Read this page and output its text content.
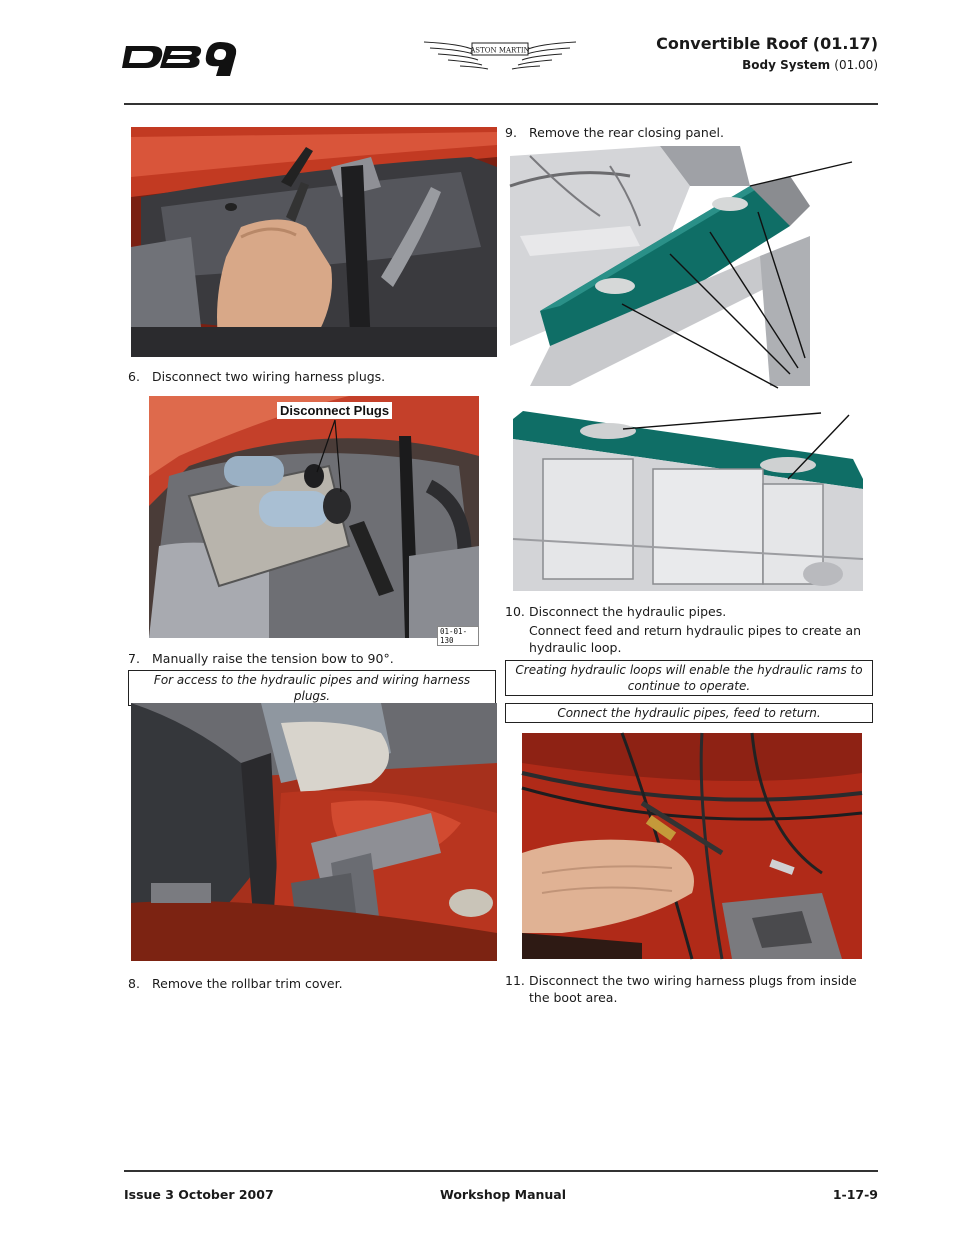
ASTON MARTIN	Convertible Roof (01.17)
Body System (01.00)
6. Disconnect two wiring harness plugs.
Disconnect Plugs
01-01-130
7. Manually raise the tension bow to 90°.
For access to the hydraulic pipes and wiring harness plugs.
8. Remove the rollbar trim cover.
9. Remove the rear closing panel.
10. Disconnect the hydraulic pipes.
Connect feed and return hydraulic pipes to create an hydraulic loop.
Creating hydraulic loops will enable the hydraulic rams to continue to operate.
Connect the hydraulic pipes, feed to return.
11. Disconnect the two wiring harness plugs from inside the boot area.
Issue 3 October 2007	Workshop Manual	1-17-9
